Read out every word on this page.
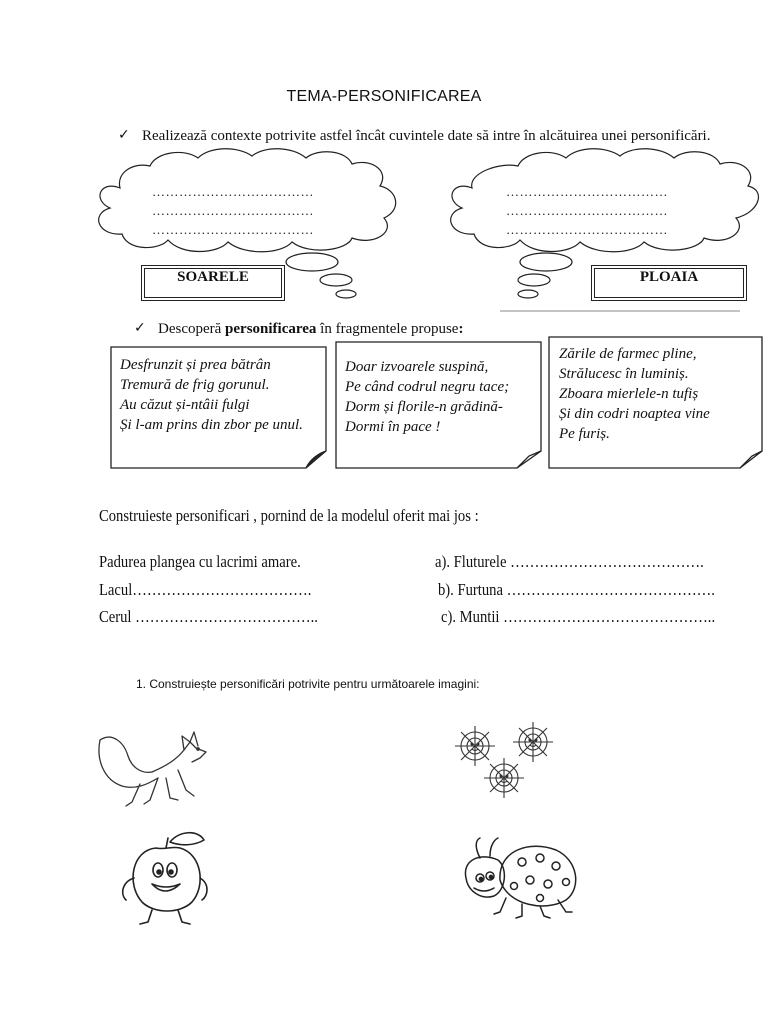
TEMA-PERSONIFICAREA
✓ Realizează contexte potrivite astfel încât cuvintele date să intre în alcătuirea unei personificări.
………………………………
………………………………
………………………………
………………………………
………………………………
………………………………
SOARELE	PLOAIA
✓ Descoperă personificarea în fragmentele propuse:
Desfrunzit și prea bătrân
Tremură de frig gorunul.
Au căzut și-ntâii fulgi
Și l-am prins din zbor pe unul.
Doar izvoarele suspină,
Pe când codrul negru tace;
Dorm și florile-n grădină-
Dormi în pace !
Zările de farmec pline,
Strălucesc în luminiș.
Zboara mierlele-n tufiș
Și din codri noaptea vine
Pe furiș.
Construieste personificari , pornind de la modelul oferit mai jos :
Padurea plangea cu lacrimi amare.
Lacul……………………………….
Cerul ………………………………..
a). Fluturele ………………………………….
b). Furtuna …………………………………….
c). Muntii ……………………………………..
1. Construiește personificări potrivite pentru următoarele imagini:
